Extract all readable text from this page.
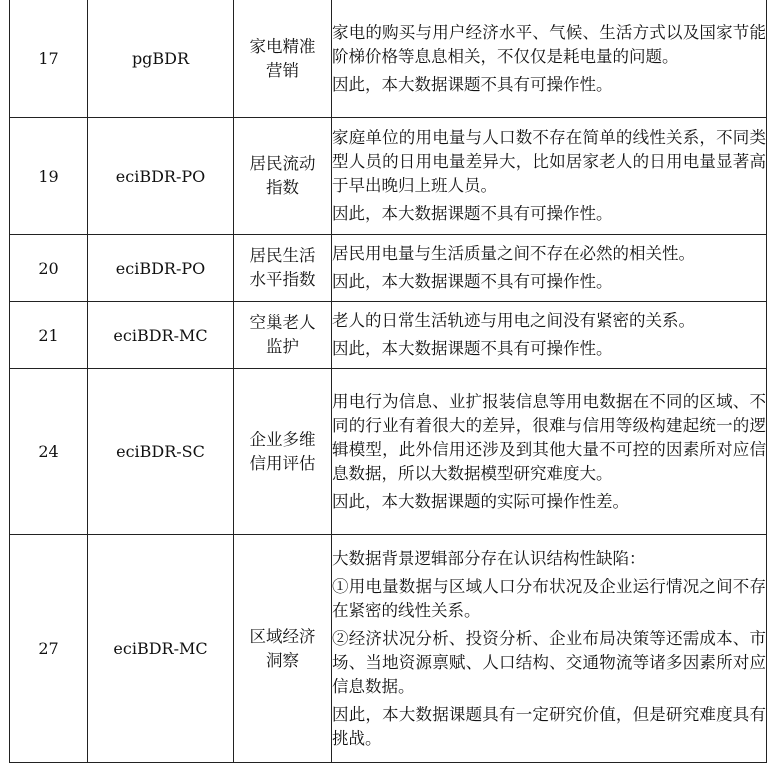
17	pgBDR	家电精准营销	家电的购买与用户经济水平、气候、生活方式以及国家节能阶梯价格等息息相关，不仅仅是耗电量的问题。

因此，本大数据课题不具有可操作性。

19	eciBDR-PO	居民流动指数	家庭单位的用电量与人口数不存在简单的线性关系，不同类型人员的日用电量差异大，比如居家老人的日用电量显著高于早出晚归上班人员。

因此，本大数据课题不具有可操作性。

20	eciBDR-PO	居民生活水平指数	居民用电量与生活质量之间不存在必然的相关性。

因此，本大数据课题不具有可操作性。

21	eciBDR-MC	空巢老人监护	老人的日常生活轨迹与用电之间没有紧密的关系。

因此，本大数据课题不具有可操作性。

24	eciBDR-SC	企业多维信用评估	用电行为信息、业扩报装信息等用电数据在不同的区域、不同的行业有着很大的差异，很难与信用等级构建起统一的逻辑模型，此外信用还涉及到其他大量不可控的因素所对应信息数据，所以大数据模型研究难度大。

因此，本大数据课题的实际可操作性差。

27	eciBDR-MC	区域经济洞察	大数据背景逻辑部分存在认识结构性缺陷：

①用电量数据与区域人口分布状况及企业运行情况之间不存在紧密的线性关系。

②经济状况分析、投资分析、企业布局决策等还需成本、市场、当地资源禀赋、人口结构、交通物流等诸多因素所对应信息数据。

因此，本大数据课题具有一定研究价值，但是研究难度具有挑战。
